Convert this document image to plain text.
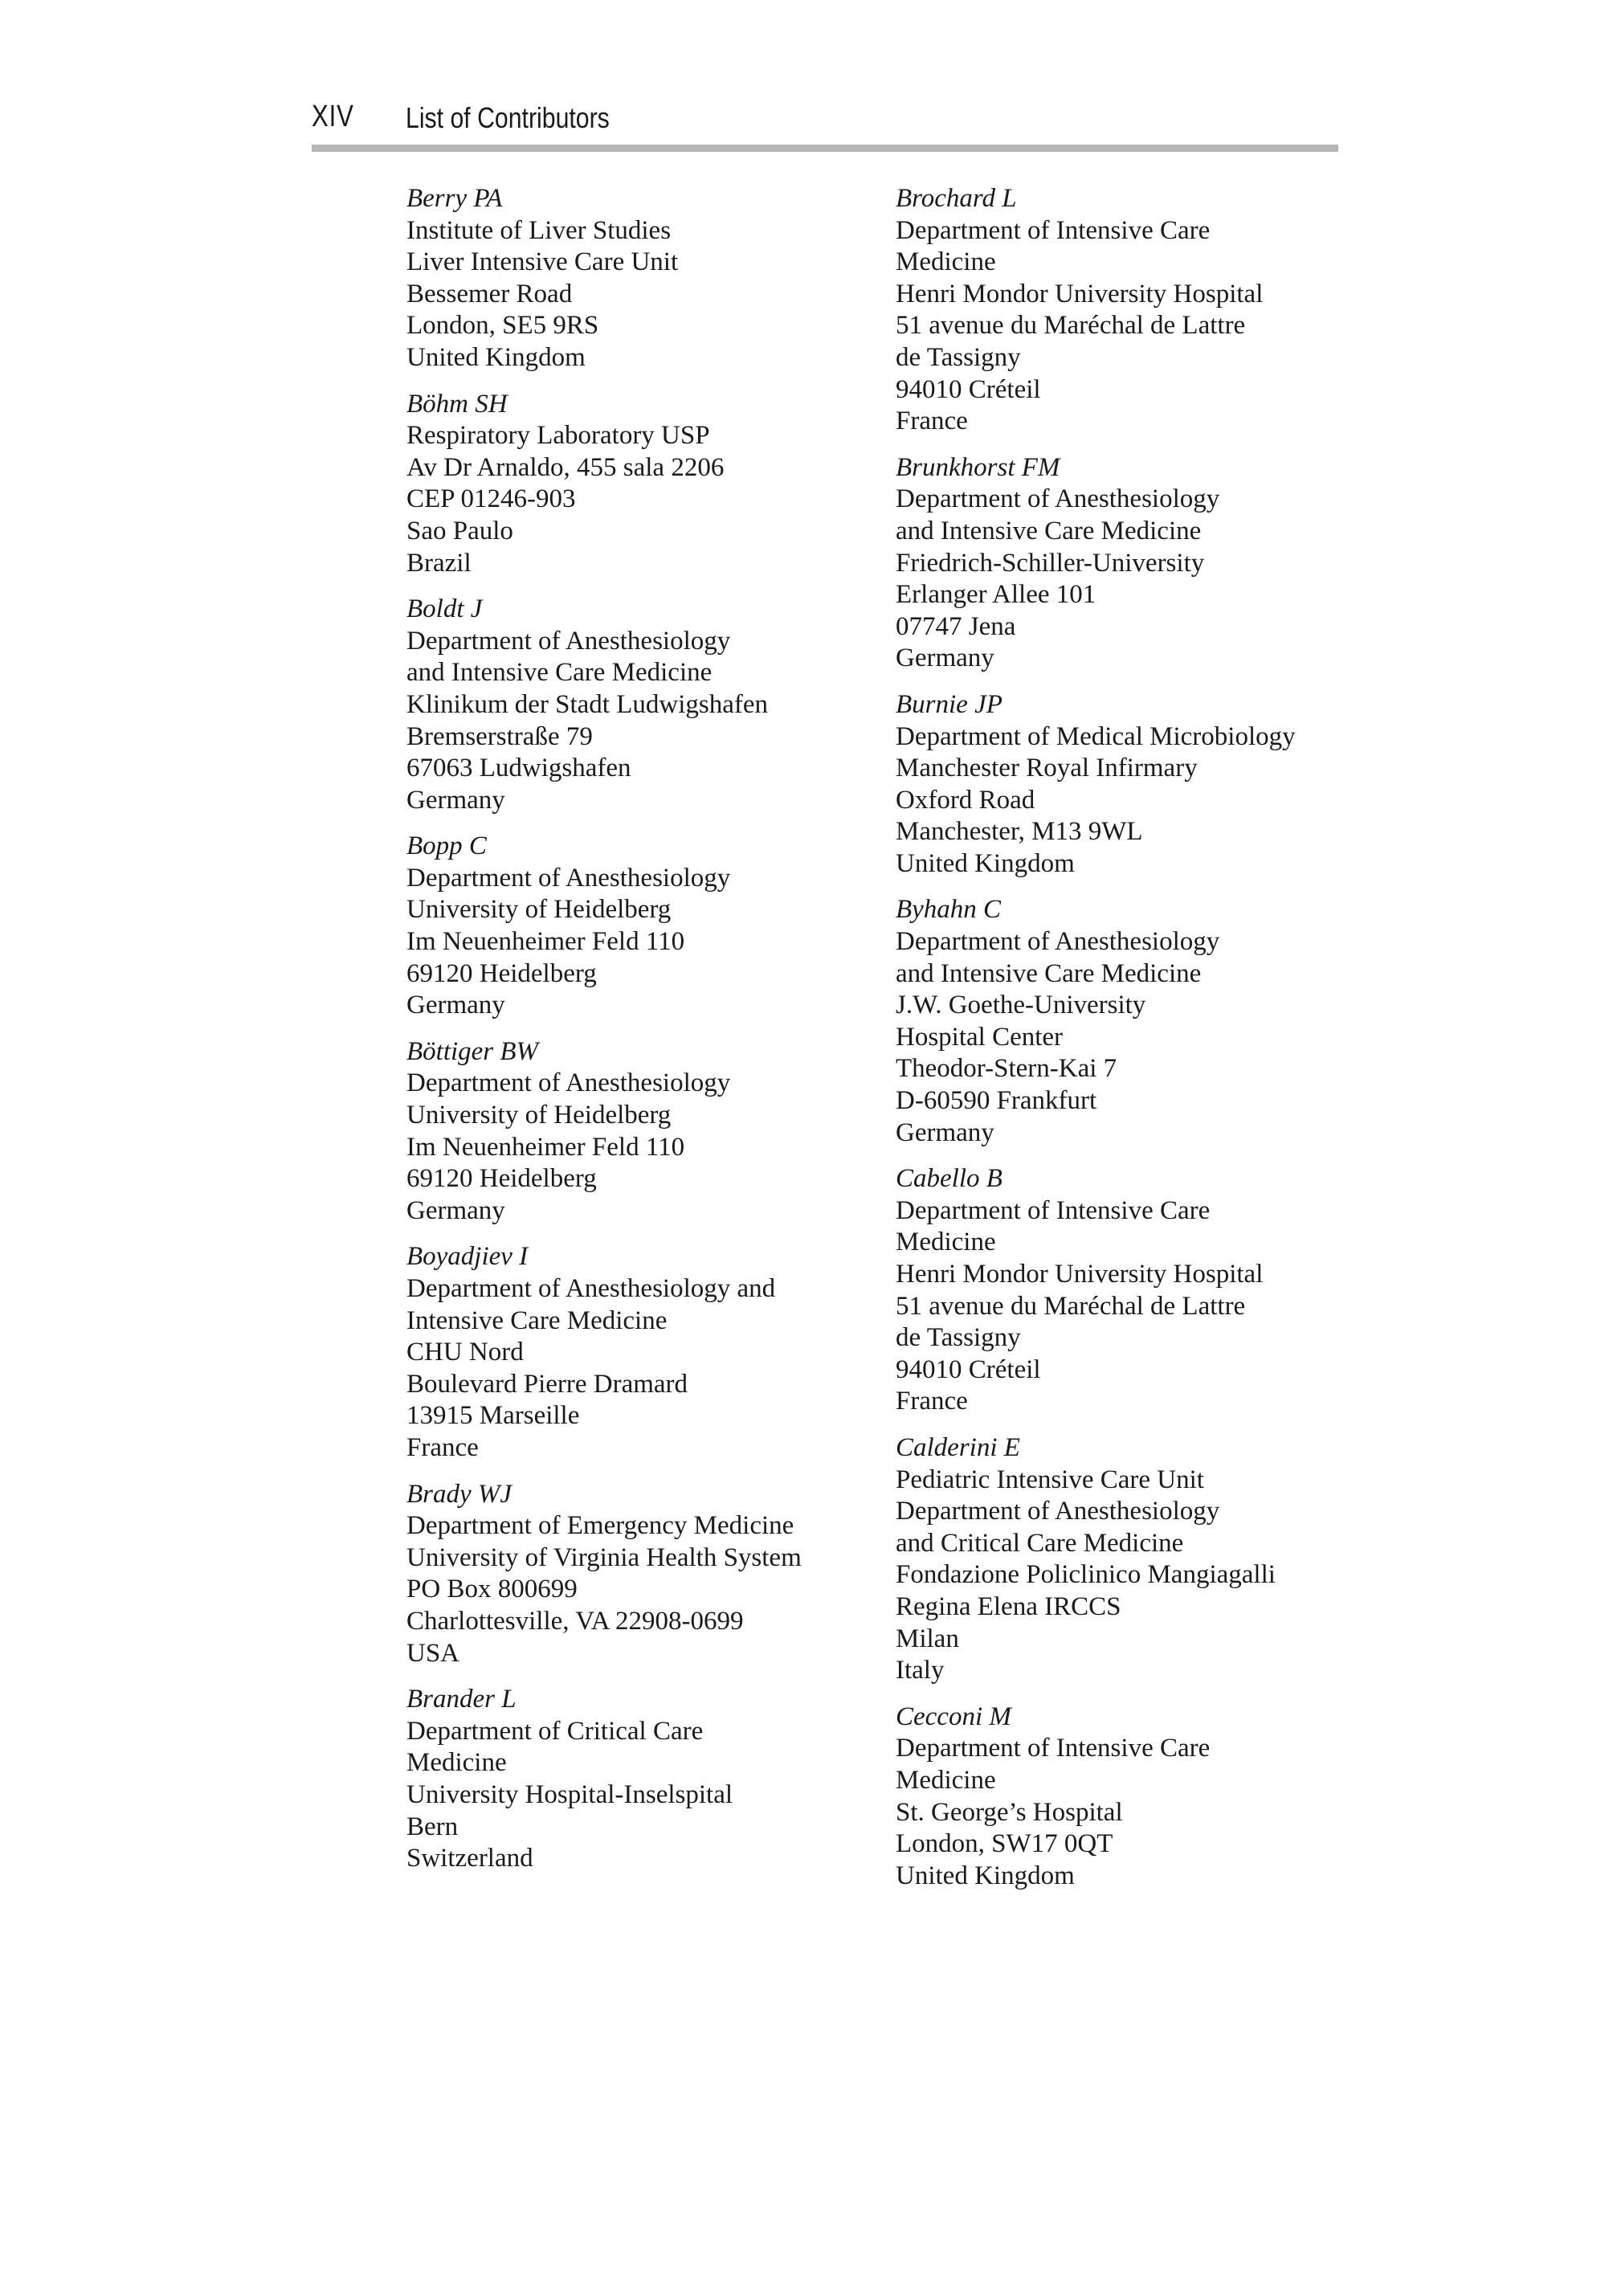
XIV List of Contributors
Berry PA
Institute of Liver Studies
Liver Intensive Care Unit
Bessemer Road
London, SE5 9RS
United Kingdom
Böhm SH
Respiratory Laboratory USP
Av Dr Arnaldo, 455 sala 2206
CEP 01246-903
Sao Paulo
Brazil
Boldt J
Department of Anesthesiology
and Intensive Care Medicine
Klinikum der Stadt Ludwigshafen
Bremserstraße 79
67063 Ludwigshafen
Germany
Bopp C
Department of Anesthesiology
University of Heidelberg
Im Neuenheimer Feld 110
69120 Heidelberg
Germany
Böttiger BW
Department of Anesthesiology
University of Heidelberg
Im Neuenheimer Feld 110
69120 Heidelberg
Germany
Boyadjiev I
Department of Anesthesiology and
Intensive Care Medicine
CHU Nord
Boulevard Pierre Dramard
13915 Marseille
France
Brady WJ
Department of Emergency Medicine
University of Virginia Health System
PO Box 800699
Charlottesville, VA 22908-0699
USA
Brander L
Department of Critical Care
Medicine
University Hospital-Inselspital
Bern
Switzerland
Brochard L
Department of Intensive Care
Medicine
Henri Mondor University Hospital
51 avenue du Maréchal de Lattre
de Tassigny
94010 Créteil
France
Brunkhorst FM
Department of Anesthesiology
and Intensive Care Medicine
Friedrich-Schiller-University
Erlanger Allee 101
07747 Jena
Germany
Burnie JP
Department of Medical Microbiology
Manchester Royal Infirmary
Oxford Road
Manchester, M13 9WL
United Kingdom
Byhahn C
Department of Anesthesiology
and Intensive Care Medicine
J.W. Goethe-University
Hospital Center
Theodor-Stern-Kai 7
D-60590 Frankfurt
Germany
Cabello B
Department of Intensive Care
Medicine
Henri Mondor University Hospital
51 avenue du Maréchal de Lattre
de Tassigny
94010 Créteil
France
Calderini E
Pediatric Intensive Care Unit
Department of Anesthesiology
and Critical Care Medicine
Fondazione Policlinico Mangiagalli
Regina Elena IRCCS
Milan
Italy
Cecconi M
Department of Intensive Care
Medicine
St. George’s Hospital
London, SW17 0QT
United Kingdom
